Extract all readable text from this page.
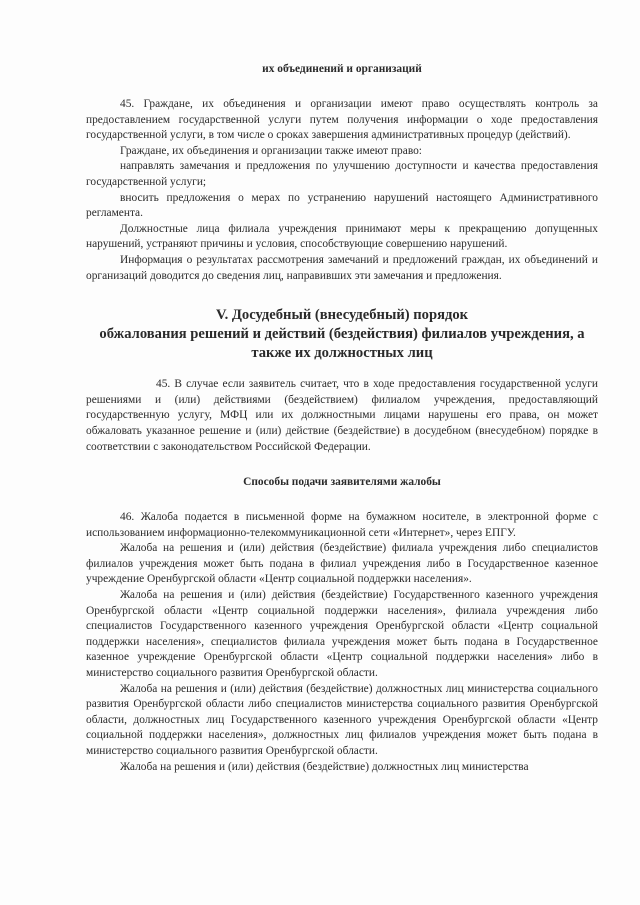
их объединений и организаций

45. Граждане, их объединения и организации имеют право осуществлять контроль за предоставлением государственной услуги путем получения информации о ходе предоставления государственной услуги, в том числе о сроках завершения административных процедур (действий).

Граждане, их объединения и организации также имеют право:

направлять замечания и предложения по улучшению доступности и качества предоставления государственной услуги;

вносить предложения о мерах по устранению нарушений настоящего Административного регламента.

Должностные лица филиала учреждения принимают меры к прекращению допущенных нарушений, устраняют причины и условия, способствующие совершению нарушений.

Информация о результатах рассмотрения замечаний и предложений граждан, их объединений и организаций доводится до сведения лиц, направивших эти замечания и предложения.

V. Досудебный (внесудебный) порядок
обжалования решений и действий (бездействия) филиалов учреждения, а
также их должностных лиц

45. В случае если заявитель считает, что в ходе предоставления государственной услуги решениями и (или) действиями (бездействием) филиалом учреждения, предоставляющий государственную услугу, МФЦ или их должностными лицами нарушены его права, он может обжаловать указанное решение и (или) действие (бездействие) в досудебном (внесудебном) порядке в соответствии с законодательством Российской Федерации.

Способы подачи заявителями жалобы

46. Жалоба подается в письменной форме на бумажном носителе, в электронной форме с использованием информационно-телекоммуникационной сети «Интернет», через ЕПГУ.

Жалоба на решения и (или) действия (бездействие) филиала учреждения либо специалистов филиалов учреждения может быть подана в филиал учреждения либо в Государственное казенное учреждение Оренбургской области «Центр социальной поддержки населения».

Жалоба на решения и (или) действия (бездействие) Государственного казенного учреждения Оренбургской области «Центр социальной поддержки населения», филиала учреждения либо специалистов Государственного казенного учреждения Оренбургской области «Центр социальной поддержки населения», специалистов филиала учреждения может быть подана в Государственное казенное учреждение Оренбургской области «Центр социальной поддержки населения» либо в министерство социального развития Оренбургской области.

Жалоба на решения и (или) действия (бездействие) должностных лиц министерства социального развития Оренбургской области либо специалистов министерства социального развития Оренбургской области, должностных лиц Государственного казенного учреждения Оренбургской области «Центр социальной поддержки населения», должностных лиц филиалов учреждения может быть подана в министерство социального развития Оренбургской области.

Жалоба на решения и (или) действия (бездействие) должностных лиц министерства
